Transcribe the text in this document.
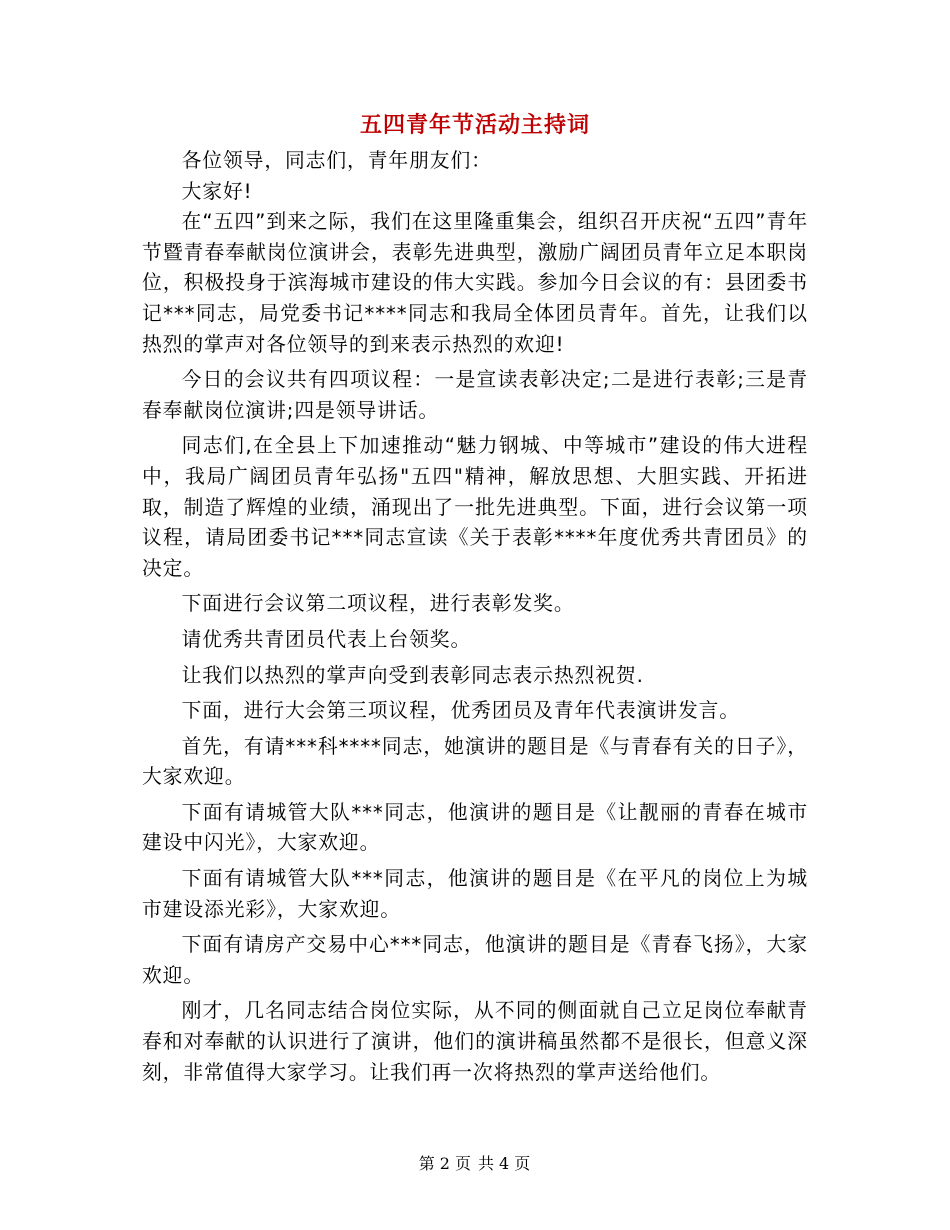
五四青年节活动主持词

各位领导，同志们，青年朋友们：

大家好!

在“五四”到来之际，我们在这里隆重集会，组织召开庆祝“五四”青年节暨青春奉献岗位演讲会，表彰先进典型，激励广阔团员青年立足本职岗位，积极投身于滨海城市建设的伟大实践。参加今日会议的有：县团委书记***同志，局党委书记****同志和我局全体团员青年。首先，让我们以热烈的掌声对各位领导的到来表示热烈的欢迎!

今日的会议共有四项议程：一是宣读表彰决定;二是进行表彰;三是青春奉献岗位演讲;四是领导讲话。

同志们,在全县上下加速推动“魅力钢城、中等城市”建设的伟大进程中，我局广阔团员青年弘扬"五四"精神，解放思想、大胆实践、开拓进取，制造了辉煌的业绩，涌现出了一批先进典型。下面，进行会议第一项议程，请局团委书记***同志宣读《关于表彰****年度优秀共青团员》的决定。

下面进行会议第二项议程，进行表彰发奖。

请优秀共青团员代表上台领奖。

让我们以热烈的掌声向受到表彰同志表示热烈祝贺.

下面，进行大会第三项议程，优秀团员及青年代表演讲发言。

首先，有请***科****同志，她演讲的题目是《与青春有关的日子》，大家欢迎。

下面有请城管大队***同志，他演讲的题目是《让靓丽的青春在城市建设中闪光》，大家欢迎。

下面有请城管大队***同志，他演讲的题目是《在平凡的岗位上为城市建设添光彩》，大家欢迎。

下面有请房产交易中心***同志，他演讲的题目是《青春飞扬》，大家欢迎。

刚才，几名同志结合岗位实际，从不同的侧面就自己立足岗位奉献青春和对奉献的认识进行了演讲，他们的演讲稿虽然都不是很长，但意义深刻，非常值得大家学习。让我们再一次将热烈的掌声送给他们。

第 2 页 共 4 页
